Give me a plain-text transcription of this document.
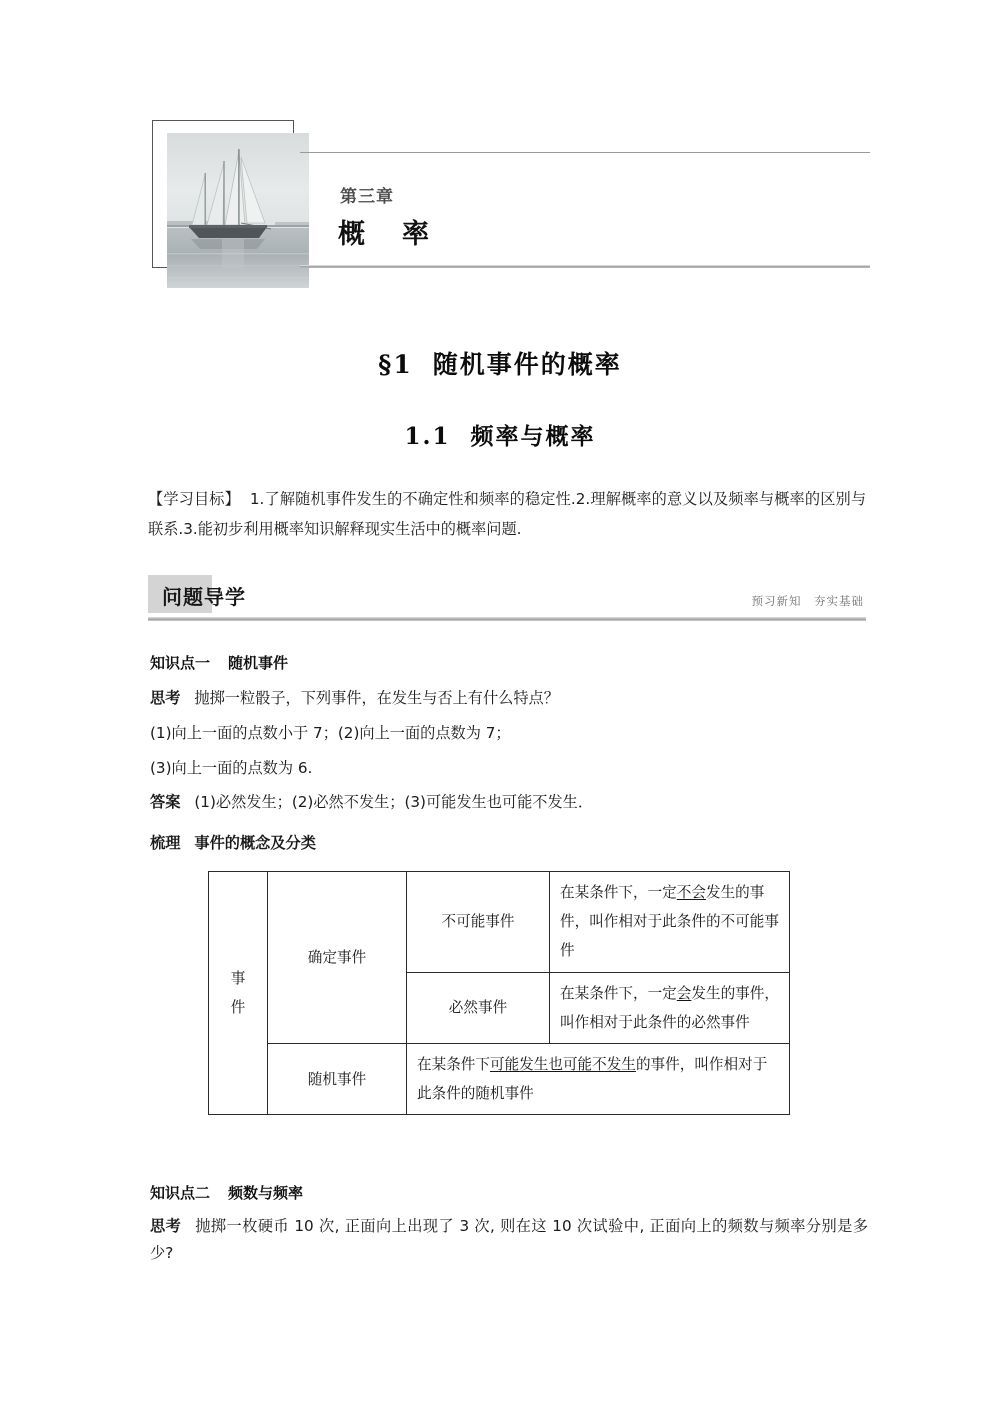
第三章
概　率
§1 随机事件的概率
1.1 频率与概率
【学习目标】 1.了解随机事件发生的不确定性和频率的稳定性.2.理解概率的意义以及频率与概率的区别与联系.3.能初步利用概率知识解释现实生活中的概率问题.
问题导学	预习新知　夯实基础
知识点一 随机事件
思考 抛掷一粒骰子，下列事件，在发生与否上有什么特点？
(1)向上一面的点数小于 7；(2)向上一面的点数为 7；
(3)向上一面的点数为 6.
答案 (1)必然发生；(2)必然不发生；(3)可能发生也可能不发生．
梳理 事件的概念及分类
事
件	确定事件	不可能事件	在某条件下，一定不会发生的事件，叫作相对于此条件的不可能事件
		必然事件	在某条件下，一定会发生的事件，叫作相对于此条件的必然事件
	随机事件	在某条件下可能发生也可能不发生的事件，叫作相对于此条件的随机事件	
知识点二 频数与频率
思考 抛掷一枚硬币 10 次, 正面向上出现了 3 次, 则在这 10 次试验中, 正面向上的频数与频率分别是多少?
